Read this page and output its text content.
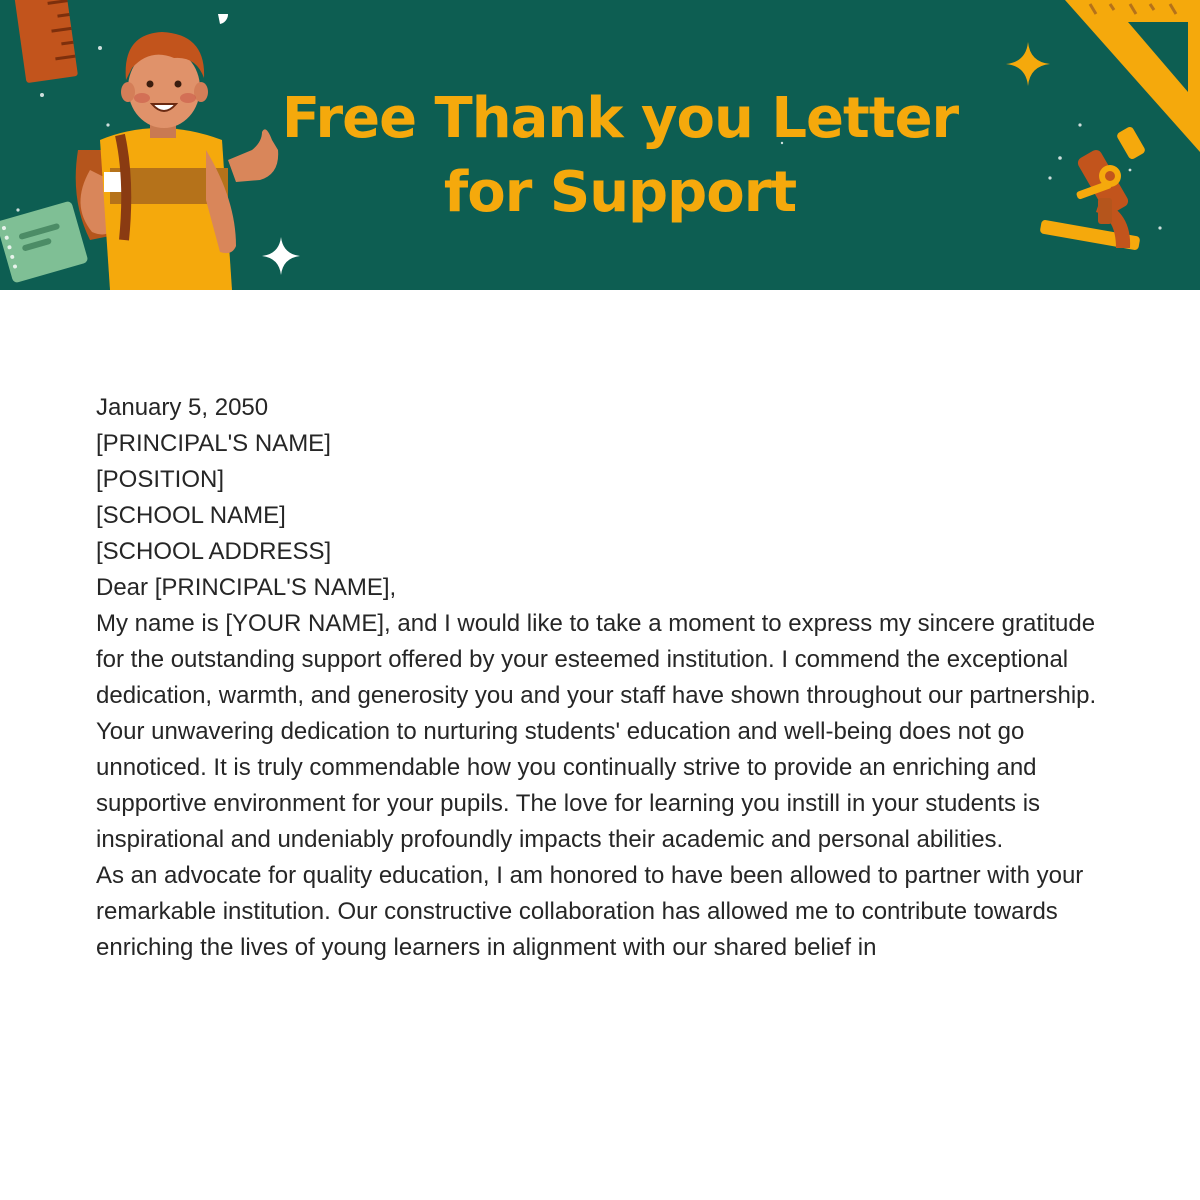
Free Thank you Letter
for Support

January 5, 2050

[PRINCIPAL'S NAME]
[POSITION]
[SCHOOL NAME]
[SCHOOL ADDRESS]

Dear [PRINCIPAL'S NAME],

My name is [YOUR NAME], and I would like to take a moment to express my sincere gratitude for the outstanding support offered by your esteemed institution. I commend the exceptional dedication, warmth, and generosity you and your staff have shown throughout our partnership.

Your unwavering dedication to nurturing students' education and well-being does not go unnoticed. It is truly commendable how you continually strive to provide an enriching and supportive environment for your pupils. The love for learning you instill in your students is inspirational and undeniably profoundly impacts their academic and personal abilities.

As an advocate for quality education, I am honored to have been allowed to partner with your remarkable institution. Our constructive collaboration has allowed me to contribute towards enriching the lives of young learners in alignment with our shared belief in
